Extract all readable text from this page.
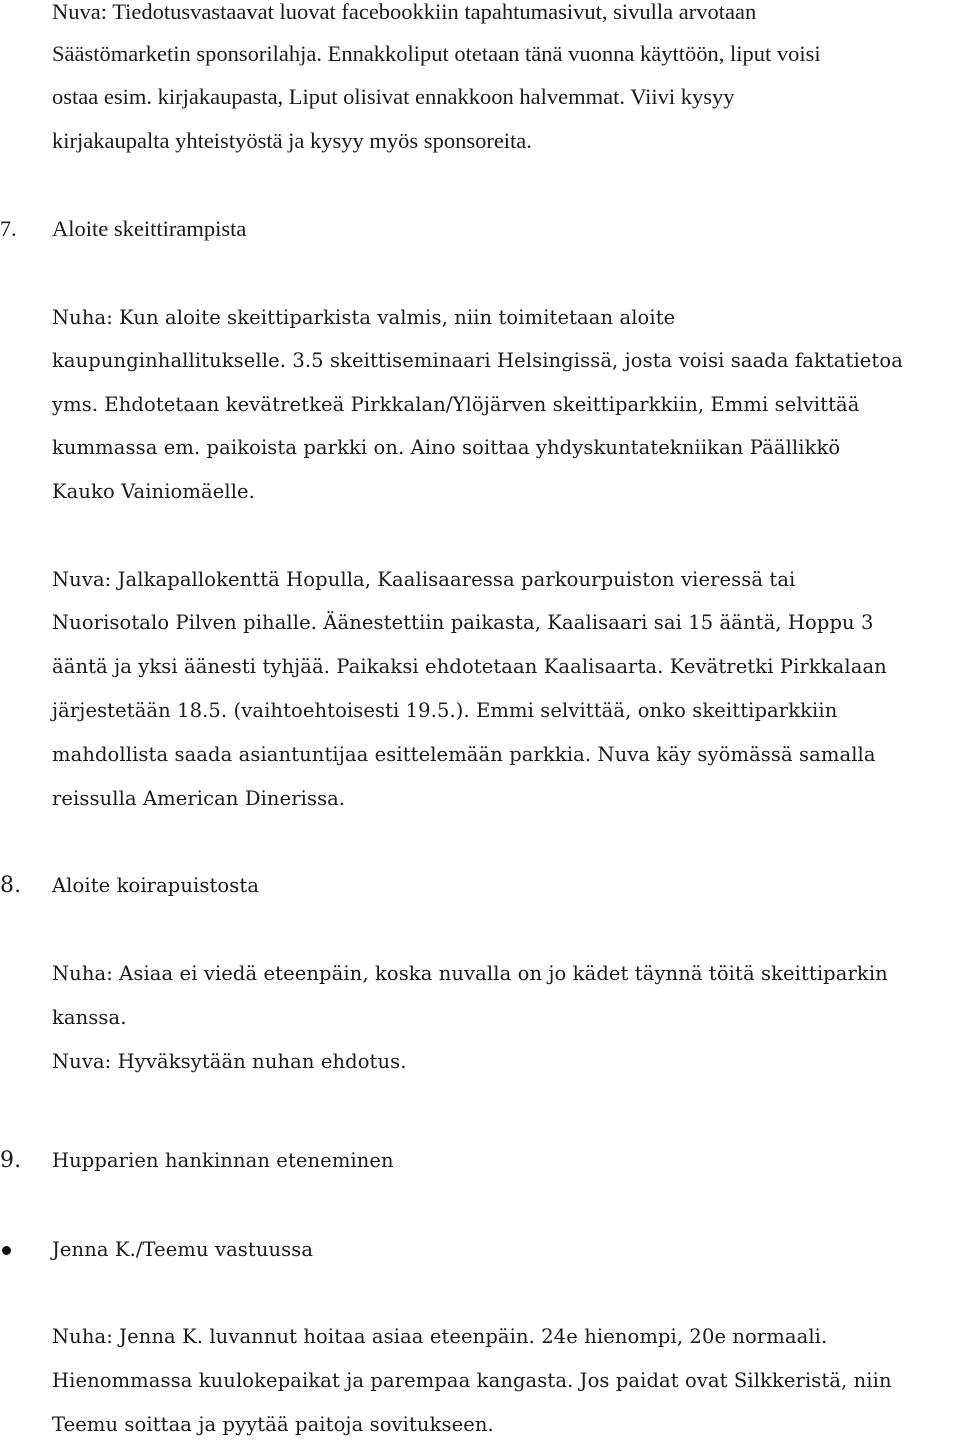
Nuva: Tiedotusvastaavat luovat facebookkiin tapahtumasivut, sivulla arvotaan
Säästömarketin sponsorilahja. Ennakkoliput otetaan tänä vuonna käyttöön, liput voisi
ostaa esim. kirjakaupasta, Liput olisivat ennakkoon halvemmat. Viivi kysyy
kirjakaupalta yhteistyöstä ja kysyy myös sponsoreita.
7. Aloite skeittirampista
Nuha: Kun aloite skeittiparkista valmis, niin toimitetaan aloite
kaupunginhallitukselle. 3.5 skeittiseminaari Helsingissä, josta voisi saada faktatietoa
yms. Ehdotetaan kevätretkeä Pirkkalan/Ylöjärven skeittiparkkiin, Emmi selvittää
kummassa em. paikoista parkki on. Aino soittaa yhdyskuntatekniikan Päällikkö
Kauko Vainiomäelle.
Nuva: Jalkapallokenttä Hopulla, Kaalisaaressa parkourpuiston vieressä tai
Nuorisotalo Pilven pihalle. Äänestettiin paikasta, Kaalisaari sai 15 ääntä, Hoppu 3
ääntä ja yksi äänesti tyhjää. Paikaksi ehdotetaan Kaalisaarta. Kevätretki Pirkkalaan
järjestetään 18.5. (vaihtoehtoisesti 19.5.). Emmi selvittää, onko skeittiparkkiin
mahdollista saada asiantuntijaa esittelemään parkkia. Nuva käy syömässä samalla
reissulla American Dinerissa.
8. Aloite koirapuistosta
Nuha: Asiaa ei viedä eteenpäin, koska nuvalla on jo kädet täynnä töitä skeittiparkin
kanssa.
Nuva: Hyväksytään nuhan ehdotus.
9. Hupparien hankinnan eteneminen
Jenna K./Teemu vastuussa
Nuha: Jenna K. luvannut hoitaa asiaa eteenpäin. 24e hienompi, 20e normaali.
Hienommassa kuulokepaikat ja parempaa kangasta. Jos paidat ovat Silkkeristä, niin
Teemu soittaa ja pyytää paitoja sovitukseen.
